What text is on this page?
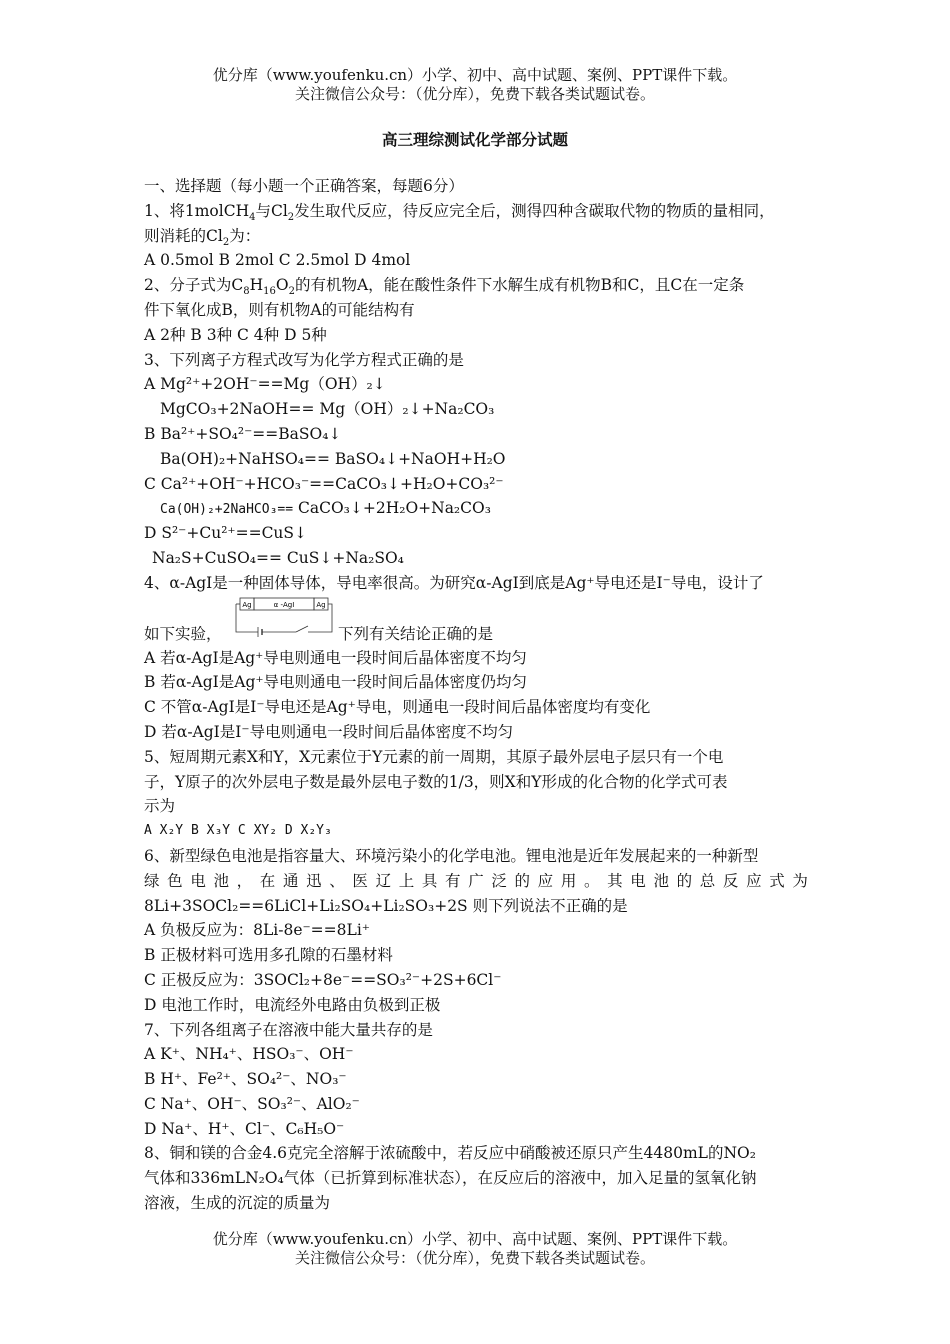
优分库（www.youfenku.cn）小学、初中、高中试题、案例、PPT课件下载。
关注微信公众号：（优分库），免费下载各类试题试卷。
高三理综测试化学部分试题
一、选择题（每小题一个正确答案，每题6分）
1、将1molCH$_4$与$Cl_2$发生取代反应，待反应完全后，测得四种含碳取代物的物质的量相同，
则消耗的$Cl_2$为：
A 0.5mol B 2mol C 2.5mol D 4mol
2、分子式为$C_8H_{16}O_2$的有机物A，能在酸性条件下水解生成有机物B和C，且C在一定条
件下氧化成B，则有机物A的可能结构有
A 2种 B 3种 C 4种 D 5种
3、下列离子方程式改写为化学方程式正确的是
A Mg²⁺+2OH⁻==Mg（OH）₂↓
MgCO₃+2NaOH== Mg（OH）₂↓+Na₂CO₃
B Ba²⁺+SO₄²⁻==BaSO₄↓
Ba(OH)₂+NaHSO₄== BaSO₄↓+NaOH+H₂O
C Ca²⁺+OH⁻+HCO₃⁻==CaCO₃↓+H₂O+CO₃²⁻
Ca(OH)₂+2NaHCO₃== CaCO₃↓+2H₂O+Na₂CO₃
D S²⁻+Cu²⁺==CuS↓
Na₂S+CuSO₄== CuS↓+Na₂SO₄
4、α-AgI是一种固体导体，导电率很高。为研究α-AgI到底是Ag⁺导电还是I⁻导电，设计了
如下实验，
Ag	α -AgI	Ag
下列有关结论正确的是
A 若α-AgI是Ag⁺导电则通电一段时间后晶体密度不均匀
B 若α-AgI是Ag⁺导电则通电一段时间后晶体密度仍均匀
C 不管α-AgI是I⁻导电还是Ag⁺导电，则通电一段时间后晶体密度均有变化
D 若α-AgI是I⁻导电则通电一段时间后晶体密度不均匀
5、短周期元素X和Y，X元素位于Y元素的前一周期，其原子最外层电子层只有一个电
子，Y原子的次外层电子数是最外层电子数的1/3，则X和Y形成的化合物的化学式可表
示为
A X₂Y B X₃Y C XY₂ D X₂Y₃
6、新型绿色电池是指容量大、环境污染小的化学电池。锂电池是近年发展起来的一种新型
绿 色 电 池 ， 在 通 迅 、 医 辽 上 具 有 广 泛 的 应 用 。 其 电 池 的 总 反 应 式 为
8Li+3SOCl₂==6LiCl+Li₂SO₄+Li₂SO₃+2S 则下列说法不正确的是
A 负极反应为：8Li-8e⁻==8Li⁺
B 正极材料可选用多孔隙的石墨材料
C 正极反应为：3SOCl₂+8e⁻==SO₃²⁻+2S+6Cl⁻
D 电池工作时，电流经外电路由负极到正极
7、下列各组离子在溶液中能大量共存的是
A K⁺、NH₄⁺、HSO₃⁻、OH⁻
B H⁺、Fe²⁺、SO₄²⁻、NO₃⁻
C Na⁺、OH⁻、SO₃²⁻、AlO₂⁻
D Na⁺、H⁺、Cl⁻、C₆H₅O⁻
8、铜和镁的合金4.6克完全溶解于浓硫酸中，若反应中硝酸被还原只产生4480mL的NO₂
气体和336mLN₂O₄气体（已折算到标准状态），在反应后的溶液中，加入足量的氢氧化钠
溶液，生成的沉淀的质量为
优分库（www.youfenku.cn）小学、初中、高中试题、案例、PPT课件下载。
关注微信公众号：（优分库），免费下载各类试题试卷。
